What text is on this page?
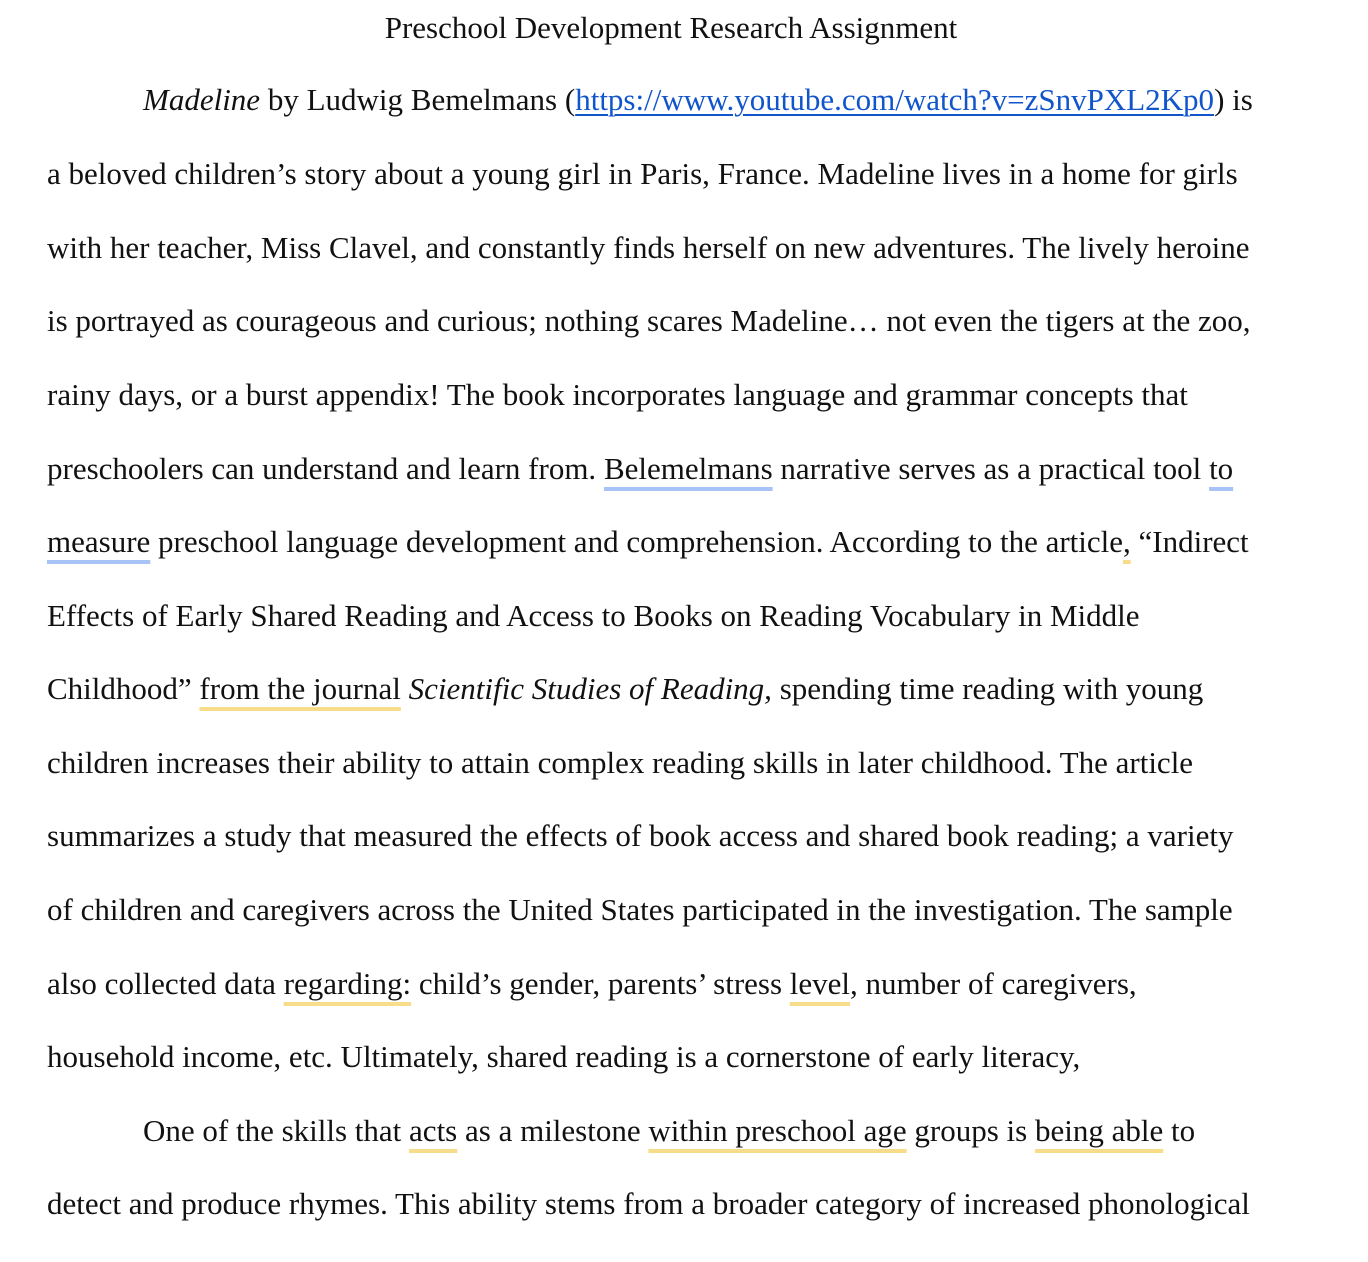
Preschool Development Research Assignment
Madeline by Ludwig Bemelmans (https://www.youtube.com/watch?v=zSnvPXL2Kp0) is
a beloved children’s story about a young girl in Paris, France. Madeline lives in a home for girls
with her teacher, Miss Clavel, and constantly finds herself on new adventures. The lively heroine
is portrayed as courageous and curious; nothing scares Madeline… not even the tigers at the zoo,
rainy days, or a burst appendix! The book incorporates language and grammar concepts that
preschoolers can understand and learn from. Belemelmans narrative serves as a practical tool to
measure preschool language development and comprehension. According to the article, “Indirect
Effects of Early Shared Reading and Access to Books on Reading Vocabulary in Middle
Childhood” from the journal Scientific Studies of Reading, spending time reading with young
children increases their ability to attain complex reading skills in later childhood. The article
summarizes a study that measured the effects of book access and shared book reading; a variety
of children and caregivers across the United States participated in the investigation. The sample
also collected data regarding: child’s gender, parents’ stress level, number of caregivers,
household income, etc. Ultimately, shared reading is a cornerstone of early literacy,
One of the skills that acts as a milestone within preschool age groups is being able to
detect and produce rhymes. This ability stems from a broader category of increased phonological
